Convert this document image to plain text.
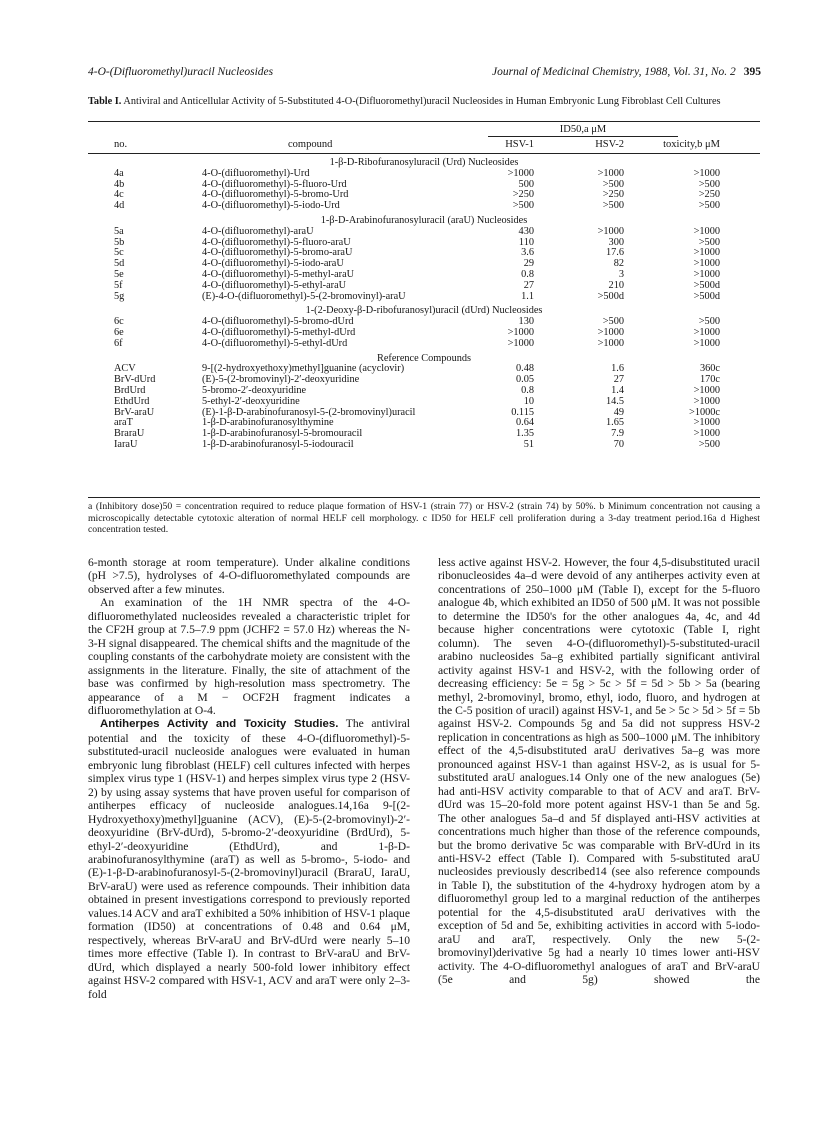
4-O-(Difluoromethyl)uracil Nucleosides	Journal of Medicinal Chemistry, 1988, Vol. 31, No. 2 395
Table I. Antiviral and Anticellular Activity of 5-Substituted 4-O-(Difluoromethyl)uracil Nucleosides in Human Embryonic Lung Fibroblast Cell Cultures
ID50,a μM
no.	compound	HSV-1	HSV-2	toxicity,b μM
1-β-D-Ribofuranosyluracil (Urd) Nucleosides
4a	4-O-(difluoromethyl)-Urd	>1000	>1000	>1000
4b	4-O-(difluoromethyl)-5-fluoro-Urd	500	>500	>500
4c	4-O-(difluoromethyl)-5-bromo-Urd	>250	>250	>250
4d	4-O-(difluoromethyl)-5-iodo-Urd	>500	>500	>500
1-β-D-Arabinofuranosyluracil (araU) Nucleosides
5a	4-O-(difluoromethyl)-araU	430	>1000	>1000
5b	4-O-(difluoromethyl)-5-fluoro-araU	110	300	>500
5c	4-O-(difluoromethyl)-5-bromo-araU	3.6	17.6	>1000
5d	4-O-(difluoromethyl)-5-iodo-araU	29	82	>1000
5e	4-O-(difluoromethyl)-5-methyl-araU	0.8	3	>1000
5f	4-O-(difluoromethyl)-5-ethyl-araU	27	210	>500d
5g	(E)-4-O-(difluoromethyl)-5-(2-bromovinyl)-araU	1.1	>500d	>500d
1-(2-Deoxy-β-D-ribofuranosyl)uracil (dUrd) Nucleosides
6c	4-O-(difluoromethyl)-5-bromo-dUrd	130	>500	>500
6e	4-O-(difluoromethyl)-5-methyl-dUrd	>1000	>1000	>1000
6f	4-O-(difluoromethyl)-5-ethyl-dUrd	>1000	>1000	>1000
Reference Compounds
ACV	9-[(2-hydroxyethoxy)methyl]guanine (acyclovir)	0.48	1.6	360c
BrV-dUrd	(E)-5-(2-bromovinyl)-2′-deoxyuridine	0.05	27	170c
BrdUrd	5-bromo-2′-deoxyuridine	0.8	1.4	>1000
EthdUrd	5-ethyl-2′-deoxyuridine	10	14.5	>1000
BrV-araU	(E)-1-β-D-arabinofuranosyl-5-(2-bromovinyl)uracil	0.115	49	>1000c
araT	1-β-D-arabinofuranosylthymine	0.64	1.65	>1000
BraraU	1-β-D-arabinofuranosyl-5-bromouracil	1.35	7.9	>1000
IaraU	1-β-D-arabinofuranosyl-5-iodouracil	51	70	>500
a (Inhibitory dose)50 = concentration required to reduce plaque formation of HSV-1 (strain 77) or HSV-2 (strain 74) by 50%. b Minimum concentration not causing a microscopically detectable cytotoxic alteration of normal HELF cell morphology. c ID50 for HELF cell proliferation during a 3-day treatment period.16a d Highest concentration tested.

6-month storage at room temperature). Under alkaline conditions (pH >7.5), hydrolyses of 4-O-difluoromethylated compounds are observed after a few minutes.

An examination of the 1H NMR spectra of the 4-O-difluoromethylated nucleosides revealed a characteristic triplet for the CF2H group at 7.5–7.9 ppm (JCHF2 = 57.0 Hz) whereas the N-3-H signal disappeared. The chemical shifts and the magnitude of the coupling constants of the carbohydrate moiety are consistent with the assignments in the literature. Finally, the site of attachment of the base was confirmed by high-resolution mass spectrometry. The appearance of a M − OCF2H fragment indicates a difluoromethylation at O-4.

Antiherpes Activity and Toxicity Studies. The antiviral potential and the toxicity of these 4-O-(difluoromethyl)-5-substituted-uracil nucleoside analogues were evaluated in human embryonic lung fibroblast (HELF) cell cultures infected with herpes simplex virus type 1 (HSV-1) and herpes simplex virus type 2 (HSV-2) by using assay systems that have proven useful for comparison of antiherpes efficacy of nucleoside analogues.14,16a 9-[(2-Hydroxyethoxy)methyl]guanine (ACV), (E)-5-(2-bromovinyl)-2′-deoxyuridine (BrV-dUrd), 5-bromo-2′-deoxyuridine (BrdUrd), 5-ethyl-2′-deoxyuridine (EthdUrd), and 1-β-D-arabinofuranosylthymine (araT) as well as 5-bromo-, 5-iodo- and (E)-1-β-D-arabinofuranosyl-5-(2-bromovinyl)uracil (BraraU, IaraU, BrV-araU) were used as reference compounds. Their inhibition data obtained in present investigations correspond to previously reported values.14 ACV and araT exhibited a 50% inhibition of HSV-1 plaque formation (ID50) at concentrations of 0.48 and 0.64 μM, respectively, whereas BrV-araU and BrV-dUrd were nearly 5–10 times more effective (Table I). In contrast to BrV-araU and BrV-dUrd, which displayed a nearly 500-fold lower inhibitory effect against HSV-2 compared with HSV-1, ACV and araT were only 2–3-fold

less active against HSV-2. However, the four 4,5-disubstituted uracil ribonucleosides 4a–d were devoid of any antiherpes activity even at concentrations of 250–1000 μM (Table I), except for the 5-fluoro analogue 4b, which exhibited an ID50 of 500 μM. It was not possible to determine the ID50's for the other analogues 4a, 4c, and 4d because higher concentrations were cytotoxic (Table I, right column). The seven 4-O-(difluoromethyl)-5-substituted-uracil arabino nucleosides 5a–g exhibited partially significant antiviral activity against HSV-1 and HSV-2, with the following order of decreasing efficiency: 5e = 5g > 5c > 5f = 5d > 5b > 5a (bearing methyl, 2-bromovinyl, bromo, ethyl, iodo, fluoro, and hydrogen at the C-5 position of uracil) against HSV-1, and 5e > 5c > 5d > 5f = 5b against HSV-2. Compounds 5g and 5a did not suppress HSV-2 replication in concentrations as high as 500–1000 μM. The inhibitory effect of the 4,5-disubstituted araU derivatives 5a–g was more pronounced against HSV-1 than against HSV-2, as is usual for 5-substituted araU analogues.14 Only one of the new analogues (5e) had anti-HSV activity comparable to that of ACV and araT. BrV-dUrd was 15–20-fold more potent against HSV-1 than 5e and 5g. The other analogues 5a–d and 5f displayed anti-HSV activities at concentrations much higher than those of the reference compounds, but the bromo derivative 5c was comparable with BrV-dUrd in its anti-HSV-2 effect (Table I). Compared with 5-substituted araU nucleosides previously described14 (see also reference compounds in Table I), the substitution of the 4-hydroxy hydrogen atom by a difluoromethyl group led to a marginal reduction of the antiherpes potential for the 4,5-disubstituted araU derivatives with the exception of 5d and 5e, exhibiting activities in accord with 5-iodo-araU and araT, respectively. Only the new 5-(2-bromovinyl)derivative 5g had a nearly 10 times lower anti-HSV activity. The 4-O-difluoromethyl analogues of araT and BrV-araU (5e and 5g) showed the
